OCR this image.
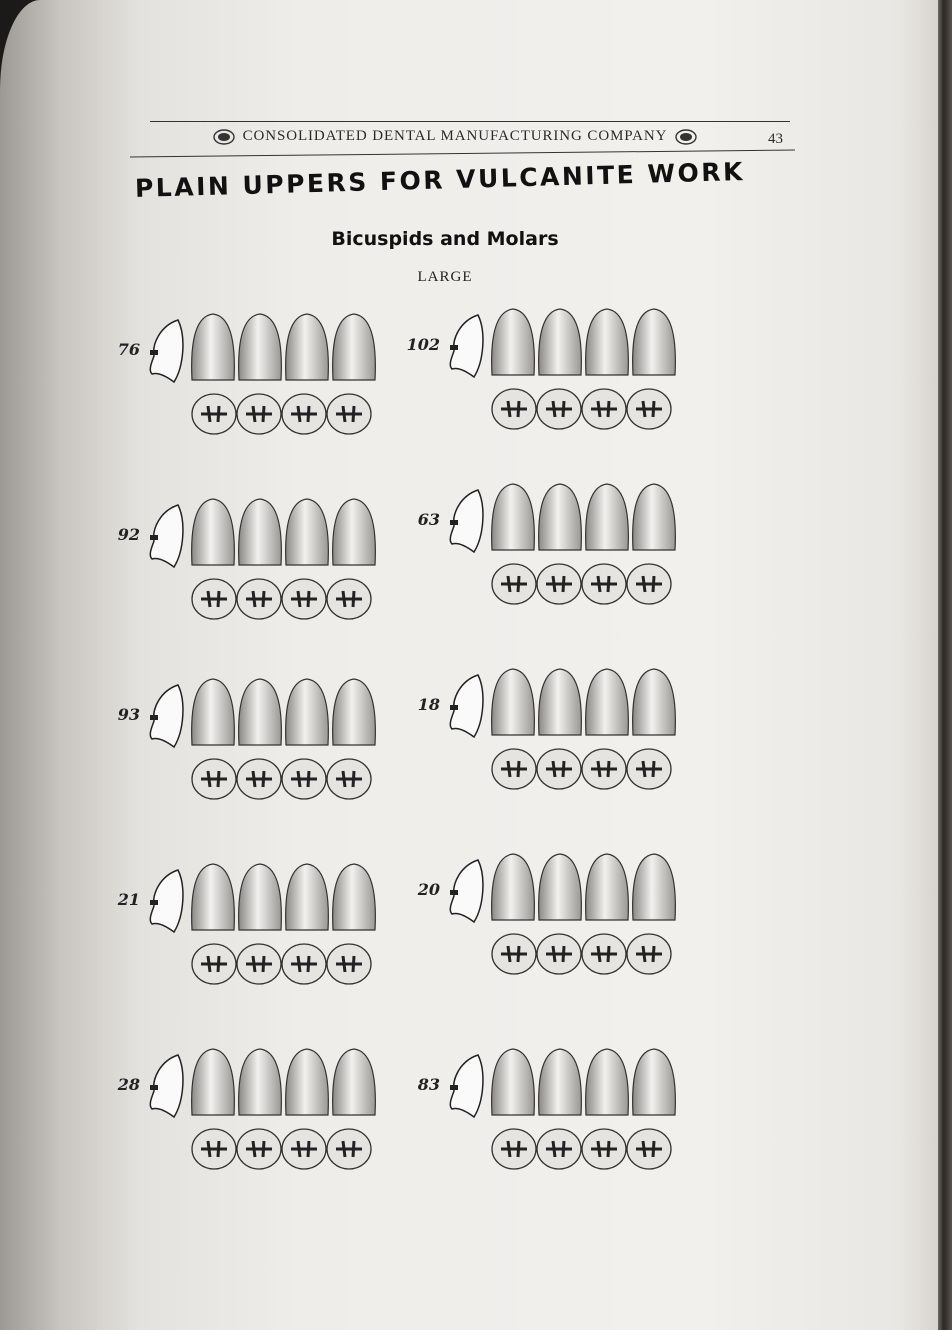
CONSOLIDATED DENTAL MANUFACTURING COMPANY	43
PLAIN UPPERS FOR VULCANITE WORK
Bicuspids and Molars
LARGE
76	102
92
63
93
18
21
20
28	83
